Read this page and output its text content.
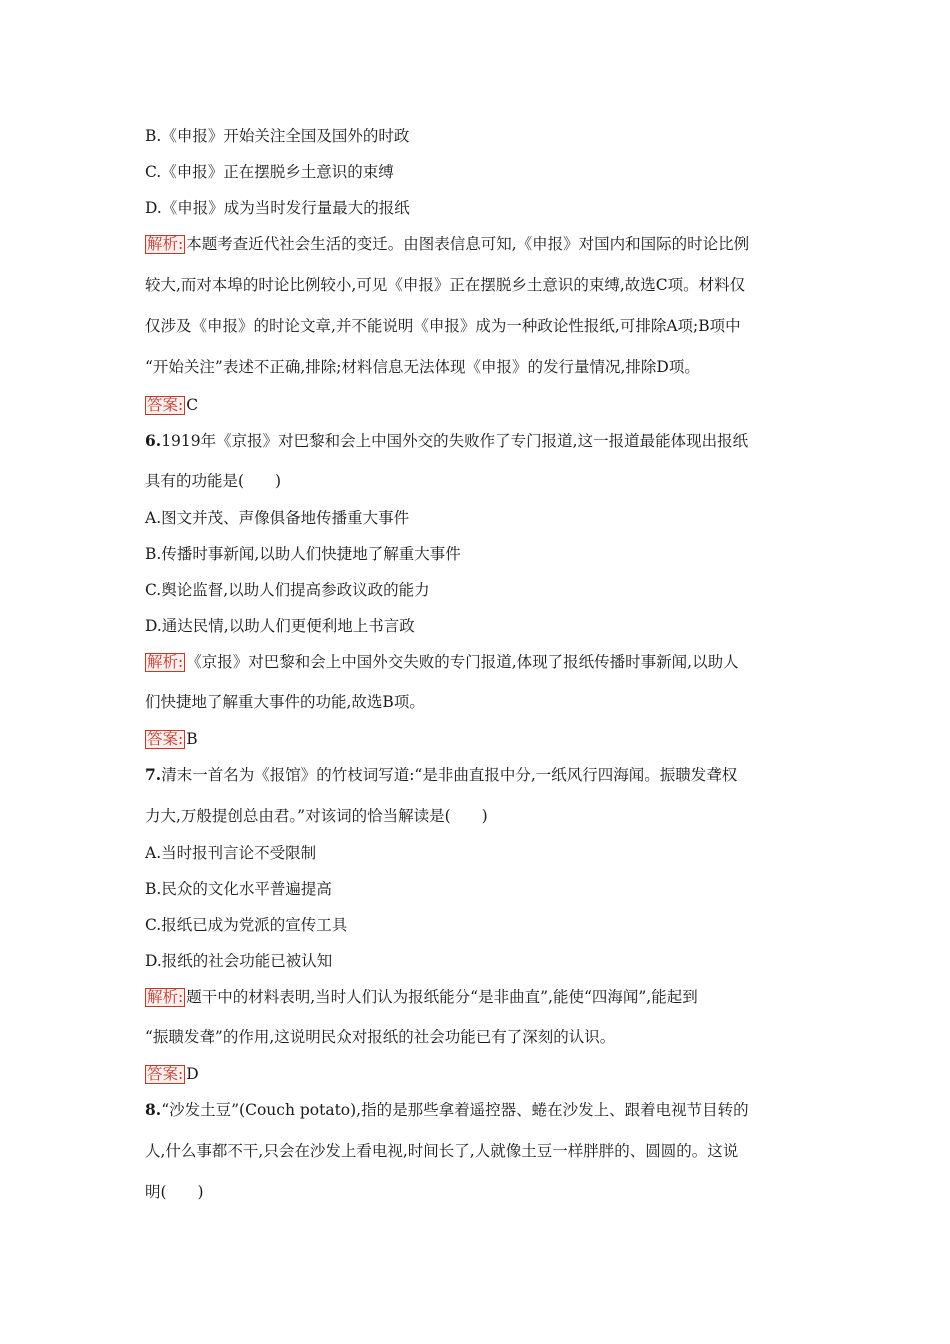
B.《申报》开始关注全国及国外的时政
C.《申报》正在摆脱乡土意识的束缚
D.《申报》成为当时发行量最大的报纸
解析: 本题考查近代社会生活的变迁。由图表信息可知,《申报》对国内和国际的时论比例
较大,而对本埠的时论比例较小,可见《申报》正在摆脱乡土意识的束缚,故选C项。材料仅
仅涉及《申报》的时论文章,并不能说明《申报》成为一种政论性报纸,可排除A项;B项中
“开始关注”表述不正确,排除;材料信息无法体现《申报》的发行量情况,排除D项。
答案: C
6.1919年《京报》对巴黎和会上中国外交的失败作了专门报道,这一报道最能体现出报纸
具有的功能是(　　)
A.图文并茂、声像俱备地传播重大事件
B.传播时事新闻,以助人们快捷地了解重大事件
C.舆论监督,以助人们提高参政议政的能力
D.通达民情,以助人们更便利地上书言政
解析: 《京报》对巴黎和会上中国外交失败的专门报道,体现了报纸传播时事新闻,以助人
们快捷地了解重大事件的功能,故选B项。
答案: B
7.清末一首名为《报馆》的竹枝词写道:“是非曲直报中分,一纸风行四海闻。振聩发聋权
力大,万般提创总由君。”对该词的恰当解读是(　　)
A.当时报刊言论不受限制
B.民众的文化水平普遍提高
C.报纸已成为党派的宣传工具
D.报纸的社会功能已被认知
解析: 题干中的材料表明,当时人们认为报纸能分“是非曲直”,能使“四海闻”,能起到
“振聩发聋”的作用,这说明民众对报纸的社会功能已有了深刻的认识。
答案: D
8.“沙发土豆”(Couch potato),指的是那些拿着遥控器、蜷在沙发上、跟着电视节目转的
人,什么事都不干,只会在沙发上看电视,时间长了,人就像土豆一样胖胖的、圆圆的。这说
明(　　)
